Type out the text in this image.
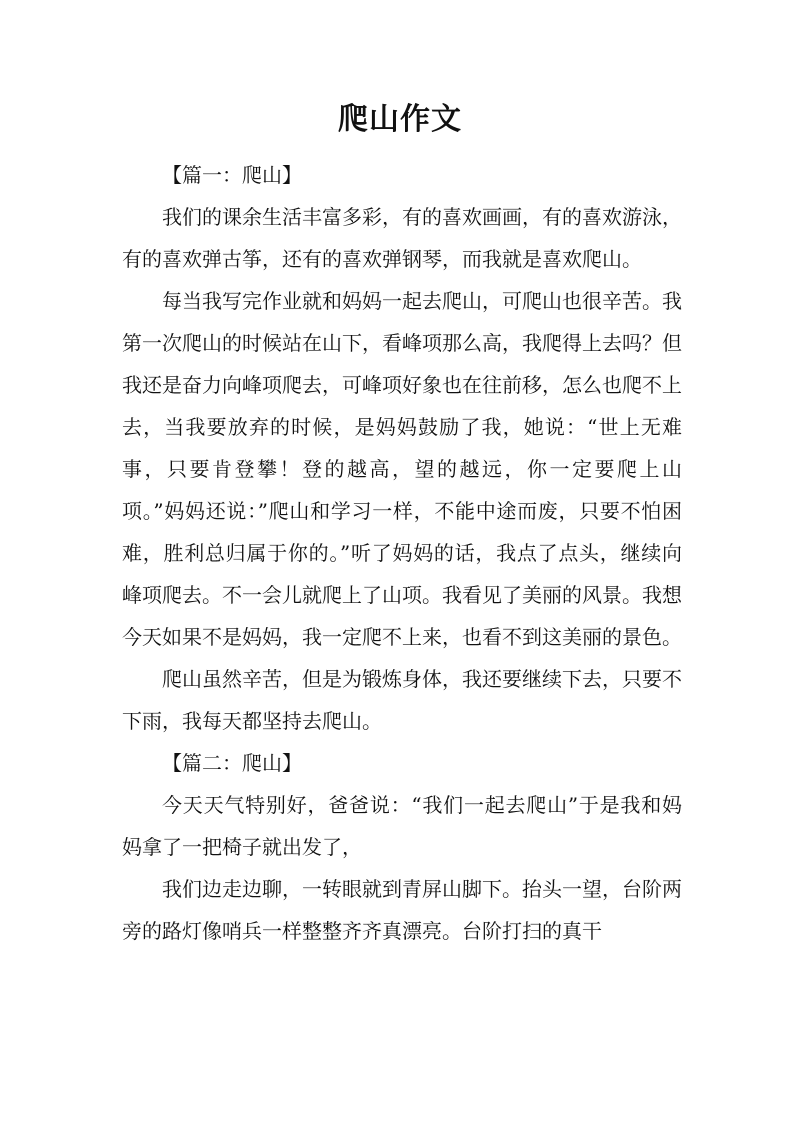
爬山作文

【篇一：爬山】

我们的课余生活丰富多彩，有的喜欢画画，有的喜欢游泳，有的喜欢弹古筝，还有的喜欢弹钢琴，而我就是喜欢爬山。

每当我写完作业就和妈妈一起去爬山，可爬山也很辛苦。我第一次爬山的时候站在山下，看峰项那么高，我爬得上去吗？但我还是奋力向峰项爬去，可峰项好象也在往前移，怎么也爬不上去，当我要放弃的时候，是妈妈鼓励了我，她说：“世上无难事，只要肯登攀！登的越高，望的越远，你一定要爬上山项。”妈妈还说：”爬山和学习一样，不能中途而废，只要不怕困难，胜利总归属于你的。”听了妈妈的话，我点了点头，继续向峰项爬去。不一会儿就爬上了山项。我看见了美丽的风景。我想今天如果不是妈妈，我一定爬不上来，也看不到这美丽的景色。

爬山虽然辛苦，但是为锻炼身体，我还要继续下去，只要不下雨，我每天都坚持去爬山。

【篇二：爬山】

今天天气特别好，爸爸说：“我们一起去爬山”于是我和妈妈拿了一把椅子就出发了，

我们边走边聊，一转眼就到青屏山脚下。抬头一望，台阶两旁的路灯像哨兵一样整整齐齐真漂亮。台阶打扫的真干
